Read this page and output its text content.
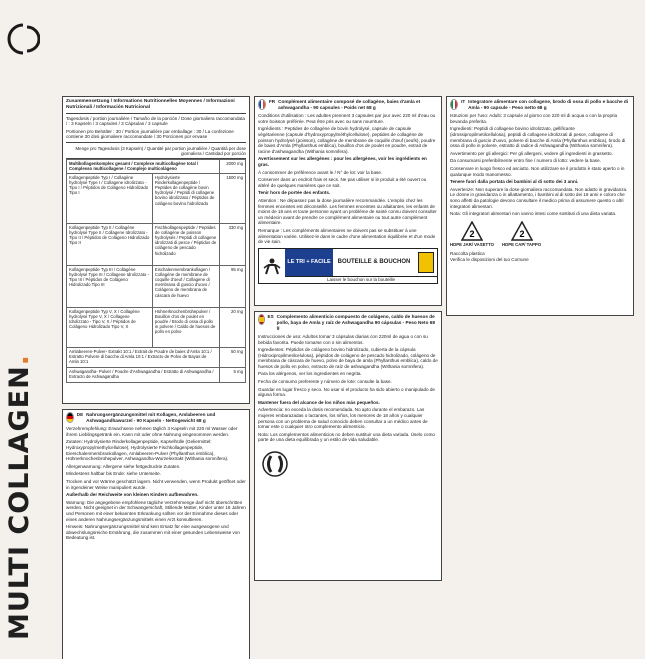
MULTI COLLAGEN.
Zusammensetzung / Informations Nutritionnelles Moyennes / Informazioni Nutrizionali / Información Nutricional

Tagesdosis / portion journalière / Tamaño de la porción / Dose giornaliera raccomandata / : 3 Kapseln / 3 capsules / 3 Cápsulas / 3 capsule

Portionen pro Behälter : 30 / Portion journalière par emballage : 30 / La confezione contiene 30 dosi giornaliere raccomandate / 30 Porciones por envase

Menge pro Tagesdosis (3 Kapseln) / Quantité par portion journalière / Quantità per dose giornaliera / Cantidad por porción
Multikollagenkomplex gesamt / Complexe multicollagène total / Complesso multicollagene / Complejo multicolágeno		2000 mg
Kollagenpeptide Typ I / Collagène hydrolysé Type I / Collagene Idrolizzato - Tipo I / Péptidos de Colágeno Hidrolizado Tipo I	Hydrolysierte Rinderkollagenpeptide / Peptides de collagène bovin hydrolysé / Peptidi di collagene bovino idrolizzato / Péptidos de colágeno bovino hidrolizado	1500 mg
Kollagenpeptide Typ II / Collagène hydrolysé Type II / Collagene Idrolizzato - Tipo II / Péptidos de Colágeno Hidrolizado Tipo II	Fischkollagenpeptide / Peptides de collagène de poisson hydrolysés / Peptidi di collagene idrolizzati di pesce / Péptidos de colágeno de pescado hidrolizado	330 mg
Kollagenpeptide Typ III / Collagène hydrolysé Type III / Collagene Idrolizzato - Tipo III / Péptidos de Colágeno Hidrolizado Tipo III	Eischalenmembrankollagen / Collagène de membrane de coquille d'oeuf / Collagene di membrana di guscio d'uovo / Colágeno de membrana de cáscara de huevo	95 mg
Kollagenpeptide Typ V, X / Collagène hydrolysé Type V, X / Collagene Idrolizzato - Tipo V, X / Péptidos de Colágeno Hidrolizado Tipo V, X	Hühnerknochenbrühepulver / Bouillon d'os de poulet en poudre / Brodo di ossa di pollo in polvere / Caldo de huesos de pollo en polvo	20 mg
Amlabeeren-Pulver- Extrakt 10:1 / Extrait de Poudre de baies d'Amla 10:1 / Estratto Polvere di bacche di Amla 10:1 / Extracto de Polvo de Bayas de Amla 10:1		50 mg
Ashwagandha- Pulver / Poudre d'Ashwagandha / Estratto di Ashwagandha / Extracto de Ashwagandha		5 mg
DE Nahrungsergänzungsmittel mit Kollagen, Amlabeeren und Ashwagandhawurzel - 90 Kapseln - Nettogewicht 68 g

Verzehrempfehlung: Erwachsene nehmen täglich 3 Kapseln mit 220 ml Wasser oder ihrem Lieblingsgetränk ein. Kann mit oder ohne Nahrung eingenommen werden.

Zutaten: Hydrolysierte Rinderkollagenpeptide, Kapselhülle (Geliermittel: Hydroxypropylmethylcellulose), Hydrolysierte Fischkollagenpeptide, Eierschalenmembrankollagen, Amlabeeren-Pulver (Phyllanthus emblica), Hühnerknochenbrühepulver, Ashwagandha-Wurzelextrakt (Withania somnifera).

Allergenwarnung: Allergene siehe fettgedruckte Zutaten.

Mindestens haltbar bis Ende: siehe Unterseite.

Trocken und vor Wärme geschützt lagern. Nicht verwenden, wenn Produkt geöffnet oder in irgendeiner Weise manipuliert wurde.

Außerhalb der Reichweite von kleinen Kindern aufbewahren.

Warnung: Die angegebene empfohlene tägliche Verzehrmenge darf nicht überschritten werden. Nicht geeignet in der Schwangerschaft, Stillende Mütter, Kinder unter 18 Jahren und Personen mit einer bekannten Erkrankung sollten vor der Einnahme dieses oder eines anderen Nahrungsergänzungsmittels einen Arzt konsultieren.

Hinweis: Nahrungsergänzungsmittel sind kein Ersatz für eine ausgewogene und abwechslungsreiche Ernährung, die zusammen mit einer gesunden Lebensweise von Bedeutung ist.

FR Complément alimentaire composé de collagène, baies d'amla et ashwagandha - 90 capsules - Poids net 68 g

Conditions d'utilisation : Les adultes prennent 3 capsules par jour avec 220 ml d'eau ou votre boisson préférée. Peut être pris avec ou sans nourriture.

Ingrédients : Peptides de collagène de bovin hydrolysé, capsule de capsule végétarienne (capsule d'hydroxypropylméthylcellulose), peptides de collagène de poisson hydrolysé (poisson), collagène de membrane de coquille d'œuf (oeufs), poudre de baies d'Amla (Phyllanthus emblica), bouillon d'os de poulet en poudre, extrait de racine d'ashwagandha (Withania somnifera).

Avertissement sur les allergènes : pour les allergènes, voir les ingrédients en gras.

À consommer de préférence avant le / N° de lot: voir la base.

Conserver dans un endroit frais et secs. Ne pas utiliser si le produit a été ouvert ou altéré de quelques manières que ce soit.

Tenir hors de portée des enfants.

Attention : Ne dépassez pas la dose journalière recommandée. L'emploi chez les femmes enceintes est déconseillé. Les femmes enceintes ou allaitantes, les enfants de moins de 18 ans et toute personne ayant un problème de santé connu doivent consulter un médecin avant de prendre ce complément alimentaire ou tout autre complément alimentaire.

Remarque : Les compléments alimentaires ne doivent pas se substituer à une alimentation variée. Utilisez-le dans le cadre d'une alimentation équilibrée et d'un mode de vie sain.

LE TRI + FACILE	BOUTEILLE & BOUCHON
Laisser le bouchon sur la bouteille
ES Complemento alimenticio compuesto de colágeno, caldo de huesos de pollo, baya de Amla y raíz de Ashwagandha 90 cápsulas - Peso Neto 68 g

Instrucciones de uso: Adultos tomar 3 cápsulas diarias con 220ml de agua o con su bebida favorita. Puede tomarse con o sin alimentos.

Ingredientes: Péptidos de colágeno bovino hidrolizado, cubierta de la cápsula (Hidroxipropilmetilcelulosa), péptidos de colágeno de pescado hidrolizado, colágeno de membrana de cáscara de huevo, polvo de baya de amla (Phyllanthus emblica), caldo de huesos de pollo en polvo, extracto de raíz de ashwagandha (Withania somnifera).

Para los alérgenos, ver los ingredientes en negrita.

Fecha de consumo preferente y número de lote: consulte la base.

Guardar en lugar fresco y seco. No usar si el producto ha sido abierto o manipulado de alguna forma.

Mantener fuera del alcance de los niños más pequeños.

Advertencia: no exceda la dosis recomendada. No apto durante el embarazo. Las mujeres embarazadas o lactantes, los niños, los menores de 18 años y cualquier persona con un problema de salud conocido deben consultar a un médico antes de tomar este o cualquier otro complemento alimenticio.

Nota: Los complementos alimenticios no deben sustituir una dieta variada. Úselo como parte de una dieta equilibrada y un estilo de vida saludable.

IT Integratore alimentare con collagene, brodo di ossa di pollo e bacche di Amla - 90 capsule - Peso netto 68 g

Istruzioni per l'uso: Adulti: 3 capsule al giorno con 220 ml di acqua o con la propria bevanda preferita.

Ingredienti: Peptidi di collagene bovino idrolizzato, gellificante (idrossipropilmetilcellulosa), peptidi di collagene idrolizzati di pesce, collagene di membrana di guscio d'uovo, polvere di bacche di Amla (Phyllanthus emblica), brodo di ossa di pollo in polvere, estratto di radice di Ashwagandha (Withania somnifera).

Avvertimento per gli allergici: Per gli allergeni, vedere gli ingredienti in grassetto.

Da consumarsi preferibilmente entro fine / numero di lotto: vedere la base.

Conservare in luogo fresco ed asciutto. Non utilizzare se il prodotto è stato aperto o in qualunque modo manomesso.

Tenere fuori dalla portata dei bambini al di sotto dei 3 anni.

Avvertenze: Non superare la dose giornaliera raccomandata. Non adatto in gravidanza. Le donne in gravidanza o in allattamento, i bambini al di sotto dei 18 anni e coloro che sono affetti da patologie devono consultare il medico prima di assumere questo o altri integratori alimentari.

Nota: Gli integratori alimentari non vanno intesi come sostituti di una dieta variata.

2
HDPE JAR/ VASETTO
2
HDPE CAP/ TAPPO

Raccolta plastica

Verifica le disposizioni del tuo Comune
